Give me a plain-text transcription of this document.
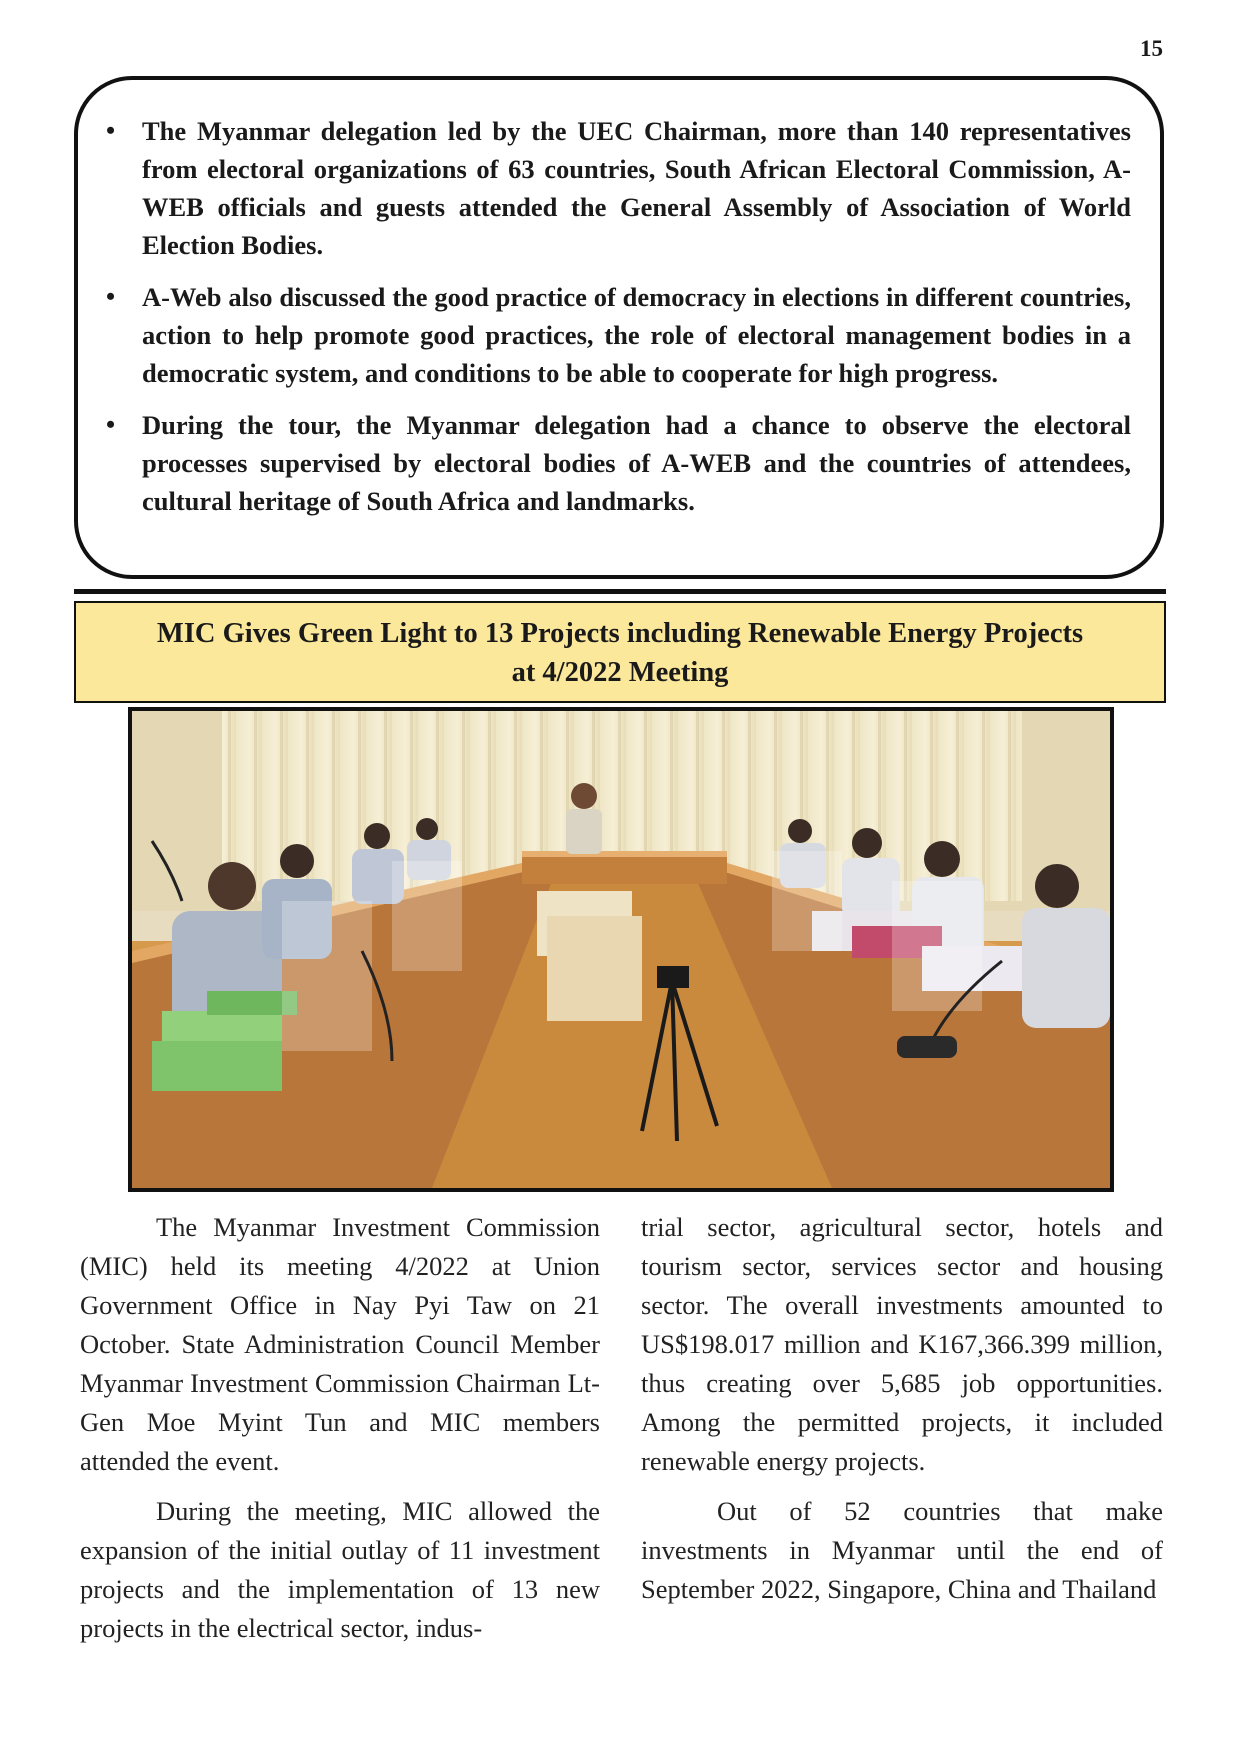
15
• The Myanmar delegation led by the UEC Chairman, more than 140 representatives from electoral organizations of 63 countries, South African Electoral Commission, A-WEB officials and guests attended the General Assembly of Association of World Election Bodies.
• A-Web also discussed the good practice of democracy in elections in different countries, action to help promote good practices, the role of electoral management bodies in a democratic system, and conditions to be able to cooperate for high progress.
• During the tour, the Myanmar delegation had a chance to observe the electoral processes supervised by electoral bodies of A-WEB and the countries of attendees, cultural heritage of South Africa and landmarks.
MIC Gives Green Light to 13 Projects including Renewable Energy Projects
at 4/2022 Meeting

The Myanmar Investment Commission (MIC) held its meeting 4/2022 at Union Government Office in Nay Pyi Taw on 21 October. State Administration Council Member Myanmar Investment Commission Chairman Lt-Gen Moe Myint Tun and MIC members attended the event.

During the meeting, MIC allowed the expansion of the initial outlay of 11 investment projects and the implementation of 13 new projects in the electrical sector, indus-

trial sector, agricultural sector, hotels and tourism sector, services sector and housing sector. The overall investments amounted to US$198.017 million and K167,366.399 million, thus creating over 5,685 job opportunities. Among the permitted projects, it included renewable energy projects.

Out of 52 countries that make investments in Myanmar until the end of September 2022, Singapore, China and Thailand
